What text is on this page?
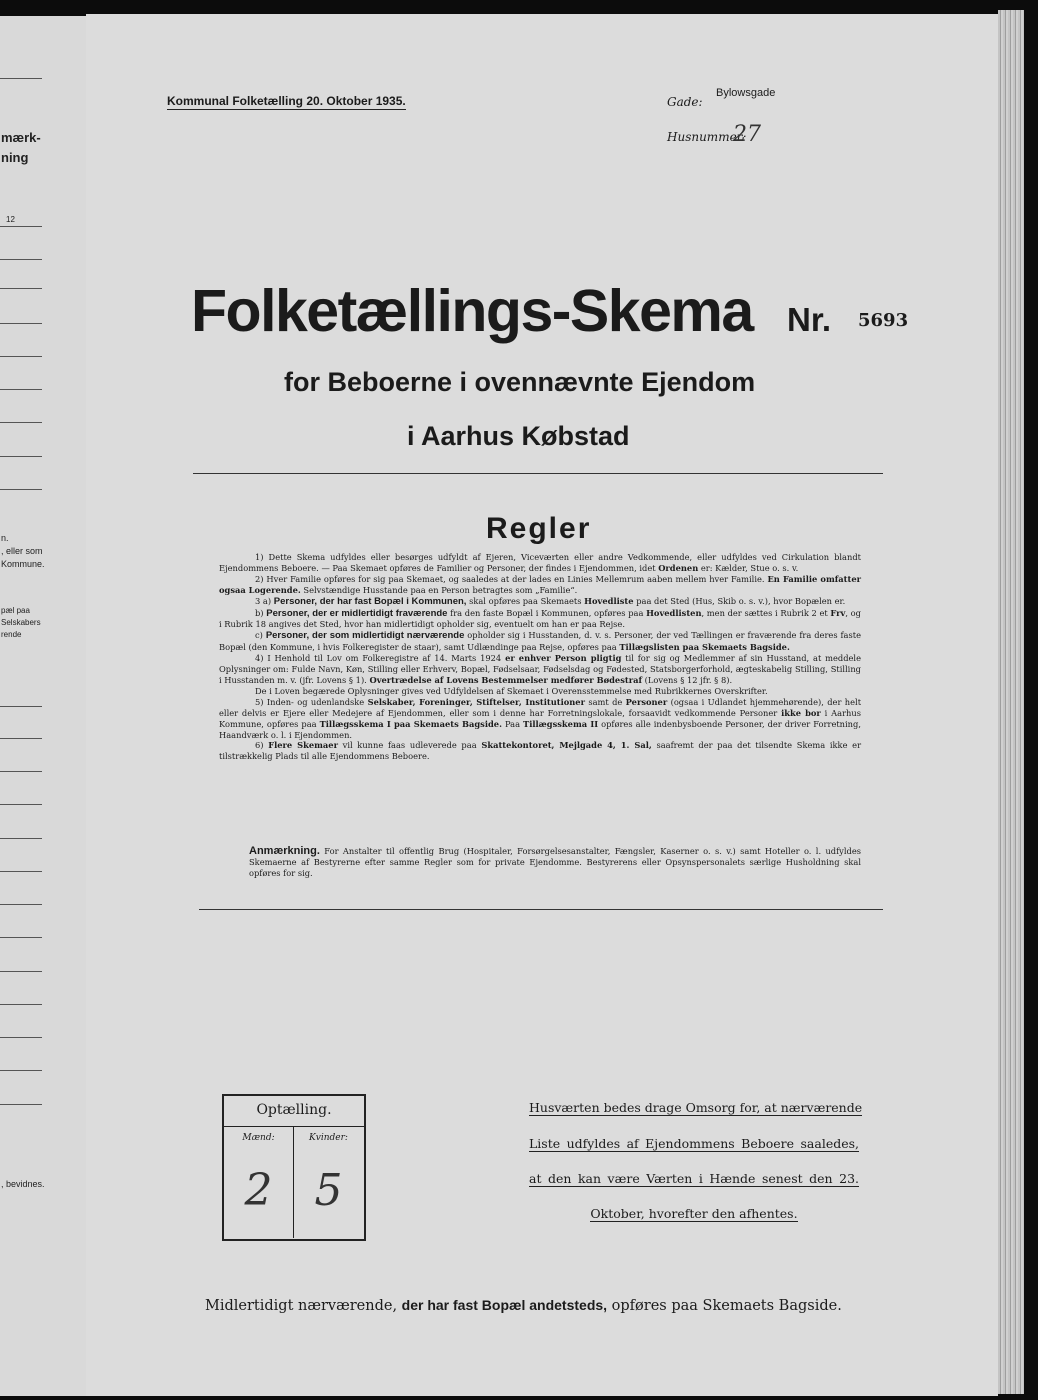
mærk-
ning
12
n.
, eller som
Kommune.
pæl paa
Selskabers
rende
, bevidnes.
Kommunal Folketælling 20. Oktober 1935.	Gade:
Bylowsgade
Husnummer:
27
Folketællings-Skema Nr. 5693
for Beboerne i ovennævnte Ejendom
i Aarhus Købstad
Regler

1) Dette Skema udfyldes eller besørges udfyldt af Ejeren, Viceværten eller andre Vedkommende, eller udfyldes ved Cirkulation blandt Ejendommens Beboere. — Paa Skemaet opføres de Familier og Personer, der findes i Ejendommen, idet Ordenen er: Kælder, Stue o. s. v.

2) Hver Familie opføres for sig paa Skemaet, og saaledes at der lades en Linies Mellemrum aaben mellem hver Familie. En Familie omfatter ogsaa Logerende. Selvstændige Husstande paa en Person betragtes som „Familie“.

3 a) Personer, der har fast Bopæl i Kommunen, skal opføres paa Skemaets Hovedliste paa det Sted (Hus, Skib o. s. v.), hvor Bopælen er.

b) Personer, der er midlertidigt fraværende fra den faste Bopæl i Kommunen, opføres paa Hovedlisten, men der sættes i Rubrik 2 et Frv, og i Rubrik 18 angives det Sted, hvor han midlertidigt opholder sig, eventuelt om han er paa Rejse.

c) Personer, der som midlertidigt nærværende opholder sig i Husstanden, d. v. s. Personer, der ved Tællingen er fraværende fra deres faste Bopæl (den Kommune, i hvis Folkeregister de staar), samt Udlændinge paa Rejse, opføres paa Tillægslisten paa Skemaets Bagside.

4) I Henhold til Lov om Folkeregistre af 14. Marts 1924 er enhver Person pligtig til for sig og Medlemmer af sin Husstand, at meddele Oplysninger om: Fulde Navn, Køn, Stilling eller Erhverv, Bopæl, Fødselsaar, Fødselsdag og Fødested, Statsborgerforhold, ægteskabelig Stilling, Stilling i Husstanden m. v. (jfr. Lovens § 1). Overtrædelse af Lovens Bestemmelser medfører Bødestraf (Lovens § 12 jfr. § 8).

De i Loven begærede Oplysninger gives ved Udfyldelsen af Skemaet i Overensstemmelse med Rubrikkernes Overskrifter.

5) Inden- og udenlandske Selskaber, Foreninger, Stiftelser, Institutioner samt de Personer (ogsaa i Udlandet hjemmehørende), der helt eller delvis er Ejere eller Medejere af Ejendommen, eller som i denne har Forretningslokale, forsaavidt vedkommende Personer ikke bor i Aarhus Kommune, opføres paa Tillægsskema I paa Skemaets Bagside. Paa Tillægsskema II opføres alle indenbysboende Personer, der driver Forretning, Haandværk o. l. i Ejendommen.

6) Flere Skemaer vil kunne faas udleverede paa Skattekontoret, Mejlgade 4, 1. Sal, saafremt der paa det tilsendte Skema ikke er tilstrækkelig Plads til alle Ejendommens Beboere.

Anmærkning. For Anstalter til offentlig Brug (Hospitaler, Forsørgelsesanstalter, Fængsler, Kaserner o. s. v.) samt Hoteller o. l. udfyldes Skemaerne af Bestyrerne efter samme Regler som for private Ejendomme. Bestyrerens eller Opsynspersonalets særlige Husholdning skal opføres for sig.
Optælling.
Mænd:
2
Kvinder:
5
Husværten bedes drage Omsorg for, at nærværende
Liste udfyldes af Ejendommens Beboere saaledes,
at den kan være Værten i Hænde senest den 23.
Oktober, hvorefter den afhentes.
Midlertidigt nærværende, der har fast Bopæl andetsteds, opføres paa Skemaets Bagside.
